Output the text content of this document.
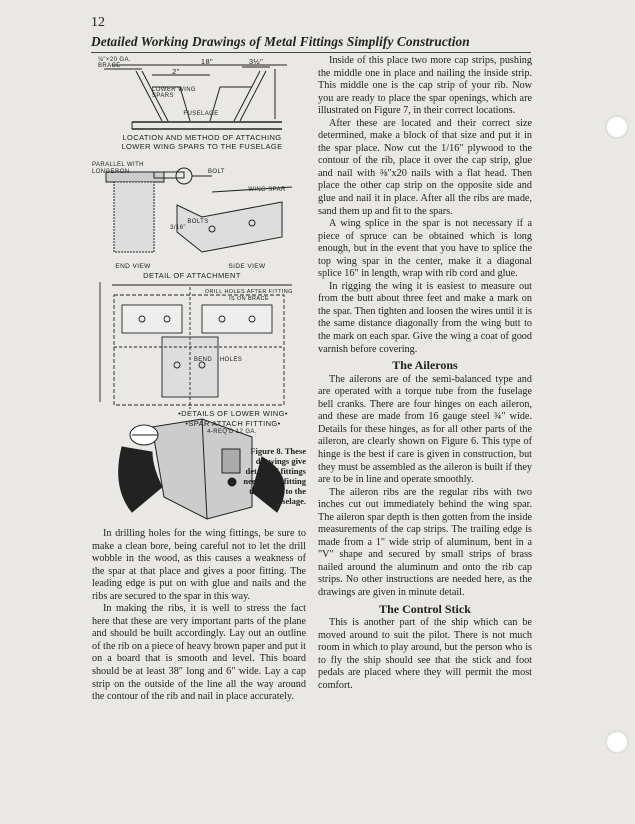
12
Detailed Working Drawings of Metal Fittings Simplify Construction
⅛"×20 GA. BRACE	18"	3½"
2"
LOWER WING SPARS
FUSELAGE
LOCATION AND METHOD OF ATTACHING LOWER WING SPARS TO THE FUSELAGE
PARALLEL WITH LONGERON	BOLT
WING SPAR
3/16"
BOLTS
END VIEW	SIDE VIEW
DETAIL OF ATTACHMENT
DRILL HOLES AFTER FITTING IS ON BRACE
BEND	HOLES
•DETAILS OF LOWER WING•
•SPAR ATTACH FITTING•
4-REQ'D 12 GA.
Figure 8. These drawings give details of fittings needed for fitting the wings to the fuselage.

Inside of this place two more cap strips, pushing the middle one in place and nailing the inside strip. This middle one is the cap strip of your rib. Now you are ready to place the spar openings, which are illustrated on Figure 7, in their correct locations.

After these are located and their correct size determined, make a block of that size and put it in the spar place. Now cut the 1/16" plywood to the contour of the rib, place it over the cap strip, glue and nail with ⅜"x20 nails with a flat head. Then place the other cap strip on the opposite side and glue and nail it in place. After all the ribs are made, sand them up and fit to the spars.

A wing splice in the spar is not necessary if a piece of spruce can be obtained which is long enough, but in the event that you have to splice the top wing spar in the center, make it a diagonal splice 16" in length, wrap with rib cord and glue.

In rigging the wing it is easiest to measure out from the butt about three feet and make a mark on the spar. Then tighten and loosen the wires until it is the same distance diagonally from the wing butt to the mark on each spar. Give the wing a coat of good varnish before covering.

The Ailerons

The ailerons are of the semi-balanced type and are operated with a torque tube from the fuselage bell cranks. There are four hinges on each aileron, and these are made from 16 gauge steel ¾" wide. Details for these hinges, as for all other parts of the aileron, are clearly shown on Figure 6. This type of hinge is the best if care is given in construction, but they must be assembled as the aileron is built if they are to be in line and operate smoothly.

The aileron ribs are the regular ribs with two inches cut out immediately behind the wing spar. The aileron spar depth is then gotten from the inside measurements of the cap strips. The trailing edge is made from a 1" wide strip of aluminum, bent in a "V" shape and secured by small strips of brass nailed around the aluminum and onto the rib cap strips. No other instructions are needed here, as the drawings are given in minute detail.

The Control Stick

This is another part of the ship which can be moved around to suit the pilot. There is not much room in which to play around, but the person who is to fly the ship should see that the stick and foot pedals are placed where they will permit the most comfort.

In drilling holes for the wing fittings, be sure to make a clean bore, being careful not to let the drill wobble in the wood, as this causes a weakness of the spar at that place and gives a poor fitting. The leading edge is put on with glue and nails and the ribs are secured to the spar in this way.

In making the ribs, it is well to stress the fact here that these are very important parts of the plane and should be built accordingly. Lay out an outline of the rib on a piece of heavy brown paper and put it on a board that is smooth and level. This board should be at least 38" long and 6" wide. Lay a cap strip on the outside of the line all the way around the contour of the rib and nail in place accurately.
